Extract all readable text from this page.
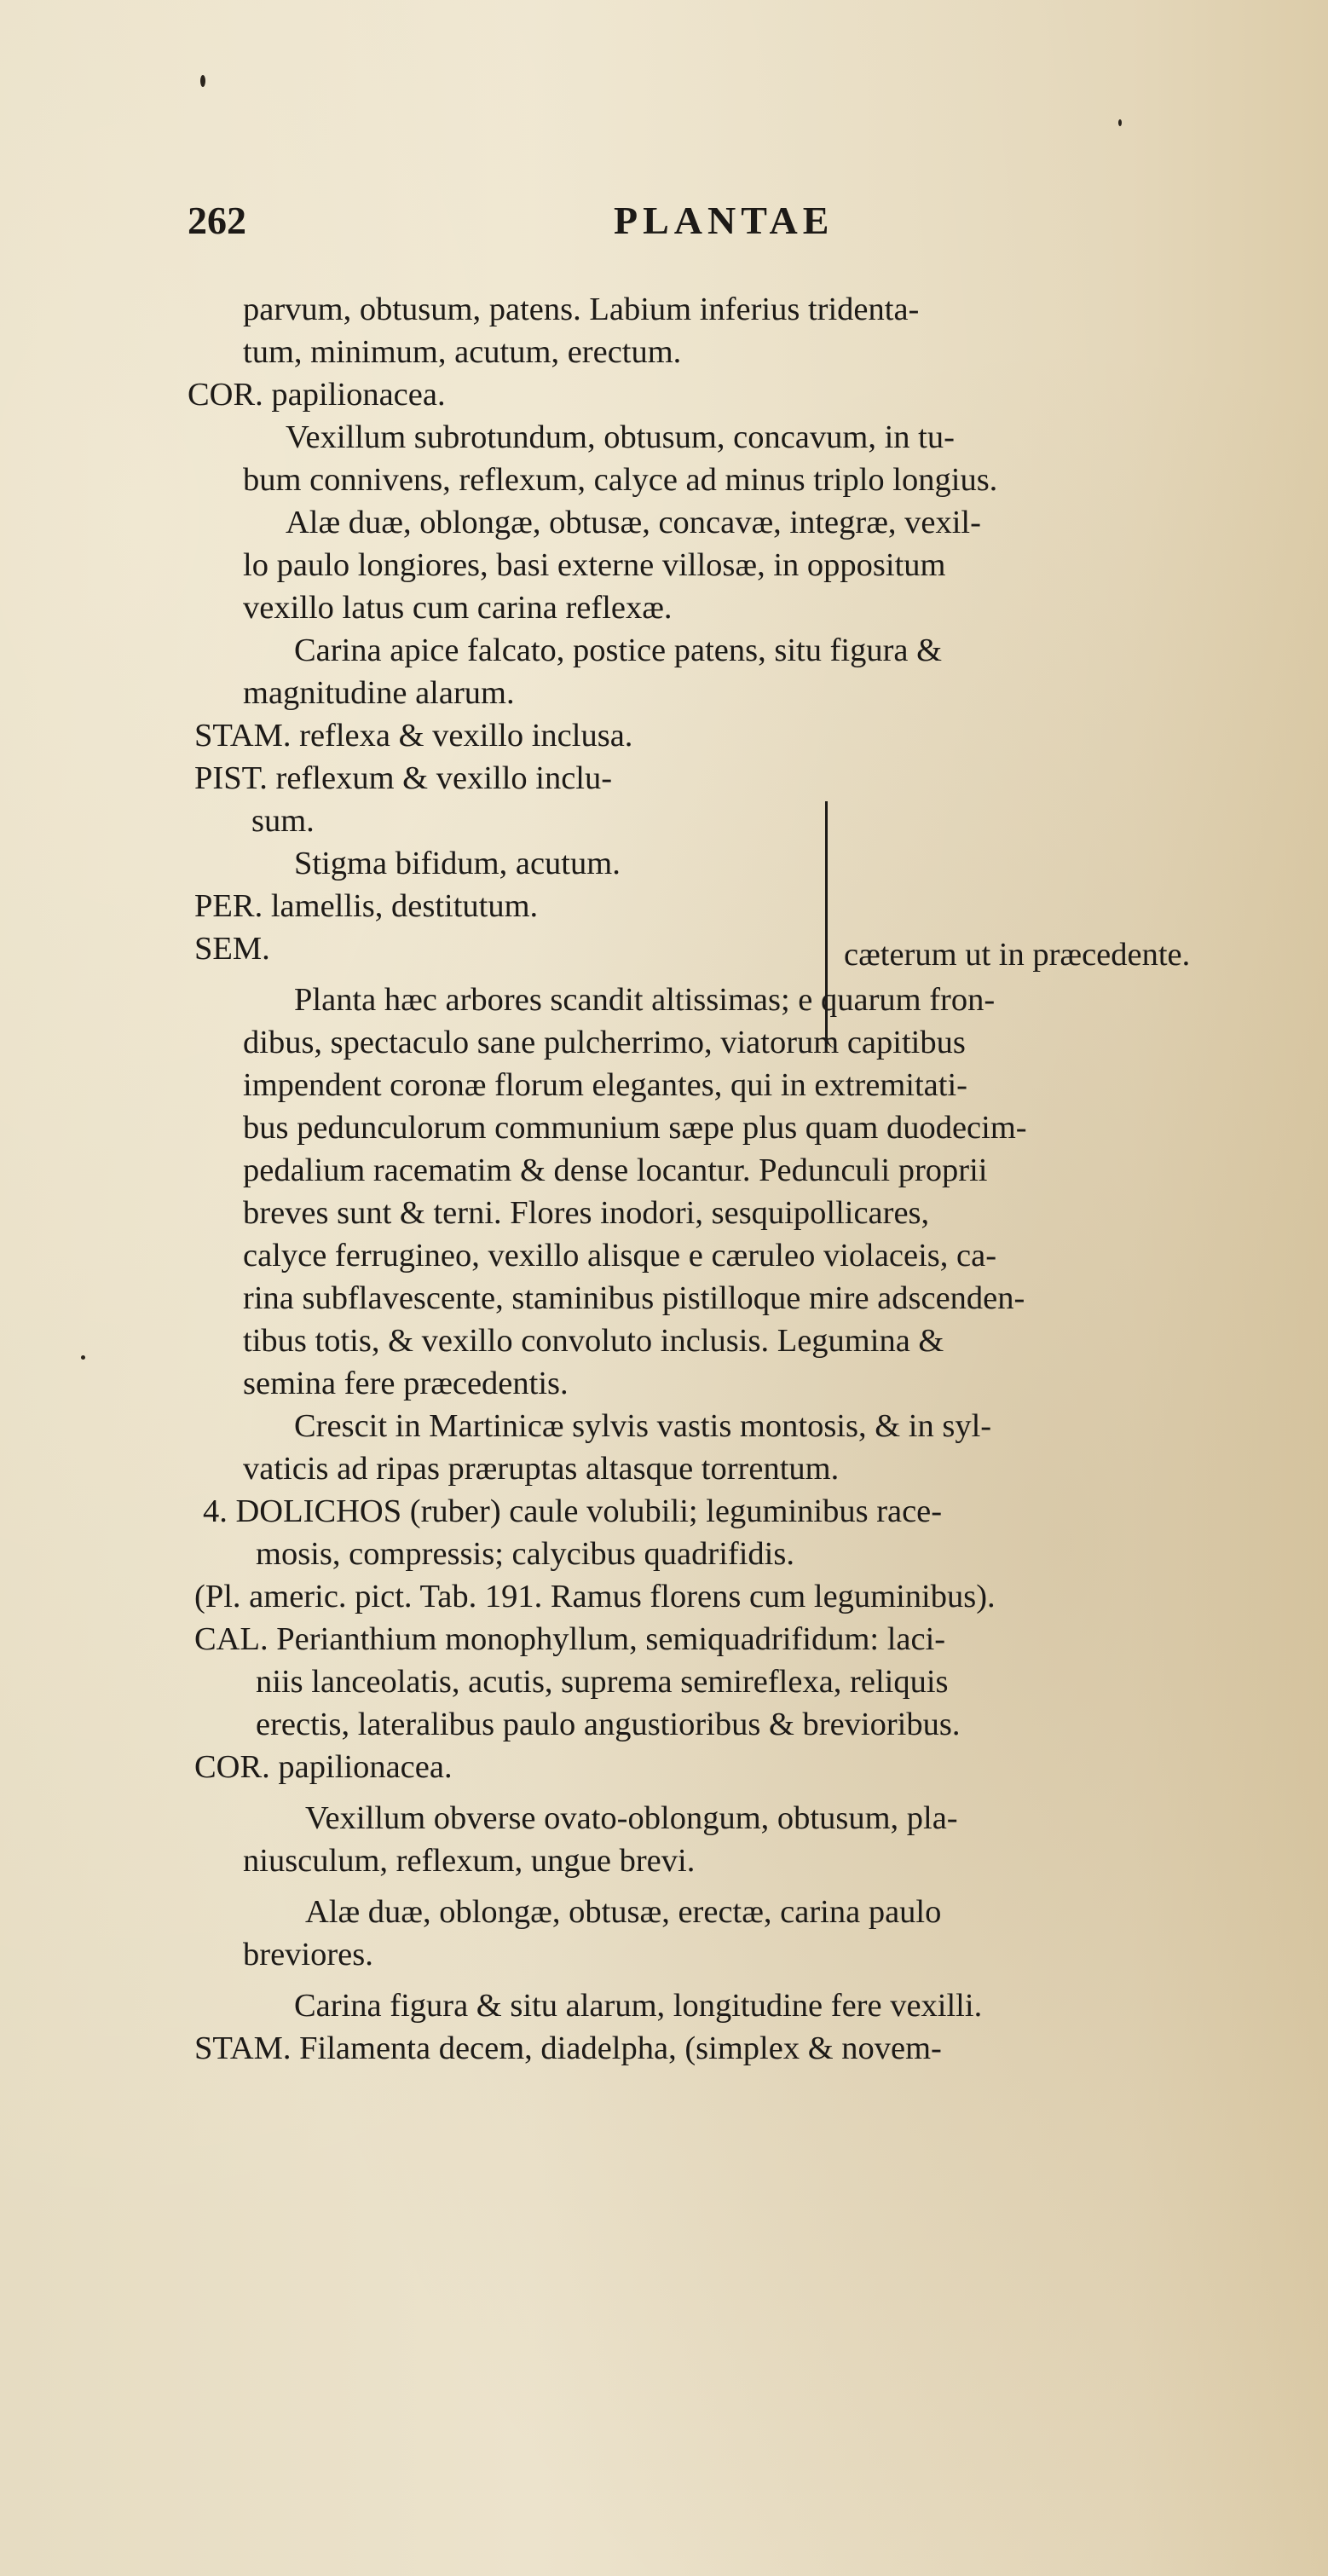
262	PLANTAE
parvum, obtusum, patens. Labium inferius tridenta-
tum, minimum, acutum, erectum.
COR. papilionacea.
Vexillum subrotundum, obtusum, concavum, in tu-
bum connivens, reflexum, calyce ad minus triplo longius.
Alæ duæ, oblongæ, obtusæ, concavæ, integræ, vexil-
lo paulo longiores, basi externe villosæ, in oppositum
vexillo latus cum carina reflexæ.
Carina apice falcato, postice patens, situ figura &
magnitudine alarum.
STAM. reflexa & vexillo inclusa.
PIST. reflexum & vexillo inclu-
sum.
Stigma bifidum, acutum.
PER. lamellis, destitutum.
SEM.
Planta hæc arbores scandit altissimas; e quarum fron-
dibus, spectaculo sane pulcherrimo, viatorum capitibus
impendent coronæ florum elegantes, qui in extremitati-
bus pedunculorum communium sæpe plus quam duodecim-
pedalium racematim & dense locantur. Pedunculi proprii
breves sunt & terni. Flores inodori, sesquipollicares,
calyce ferrugineo, vexillo alisque e cæruleo violaceis, ca-
rina subflavescente, staminibus pistilloque mire adscenden-
tibus totis, & vexillo convoluto inclusis. Legumina &
semina fere præcedentis.
Crescit in Martinicæ sylvis vastis montosis, & in syl-
vaticis ad ripas præruptas altasque torrentum.
4. DOLICHOS (ruber) caule volubili; leguminibus race-
mosis, compressis; calycibus quadrifidis.
(Pl. americ. pict. Tab. 191. Ramus florens cum leguminibus).
CAL. Perianthium monophyllum, semiquadrifidum: laci-
niis lanceolatis, acutis, suprema semireflexa, reliquis
erectis, lateralibus paulo angustioribus & brevioribus.
COR. papilionacea.
Vexillum obverse ovato-oblongum, obtusum, pla-
niusculum, reflexum, ungue brevi.
Alæ duæ, oblongæ, obtusæ, erectæ, carina paulo
breviores.
Carina figura & situ alarum, longitudine fere vexilli.
STAM. Filamenta decem, diadelpha, (simplex & novem-
cæterum ut in præcedente.
